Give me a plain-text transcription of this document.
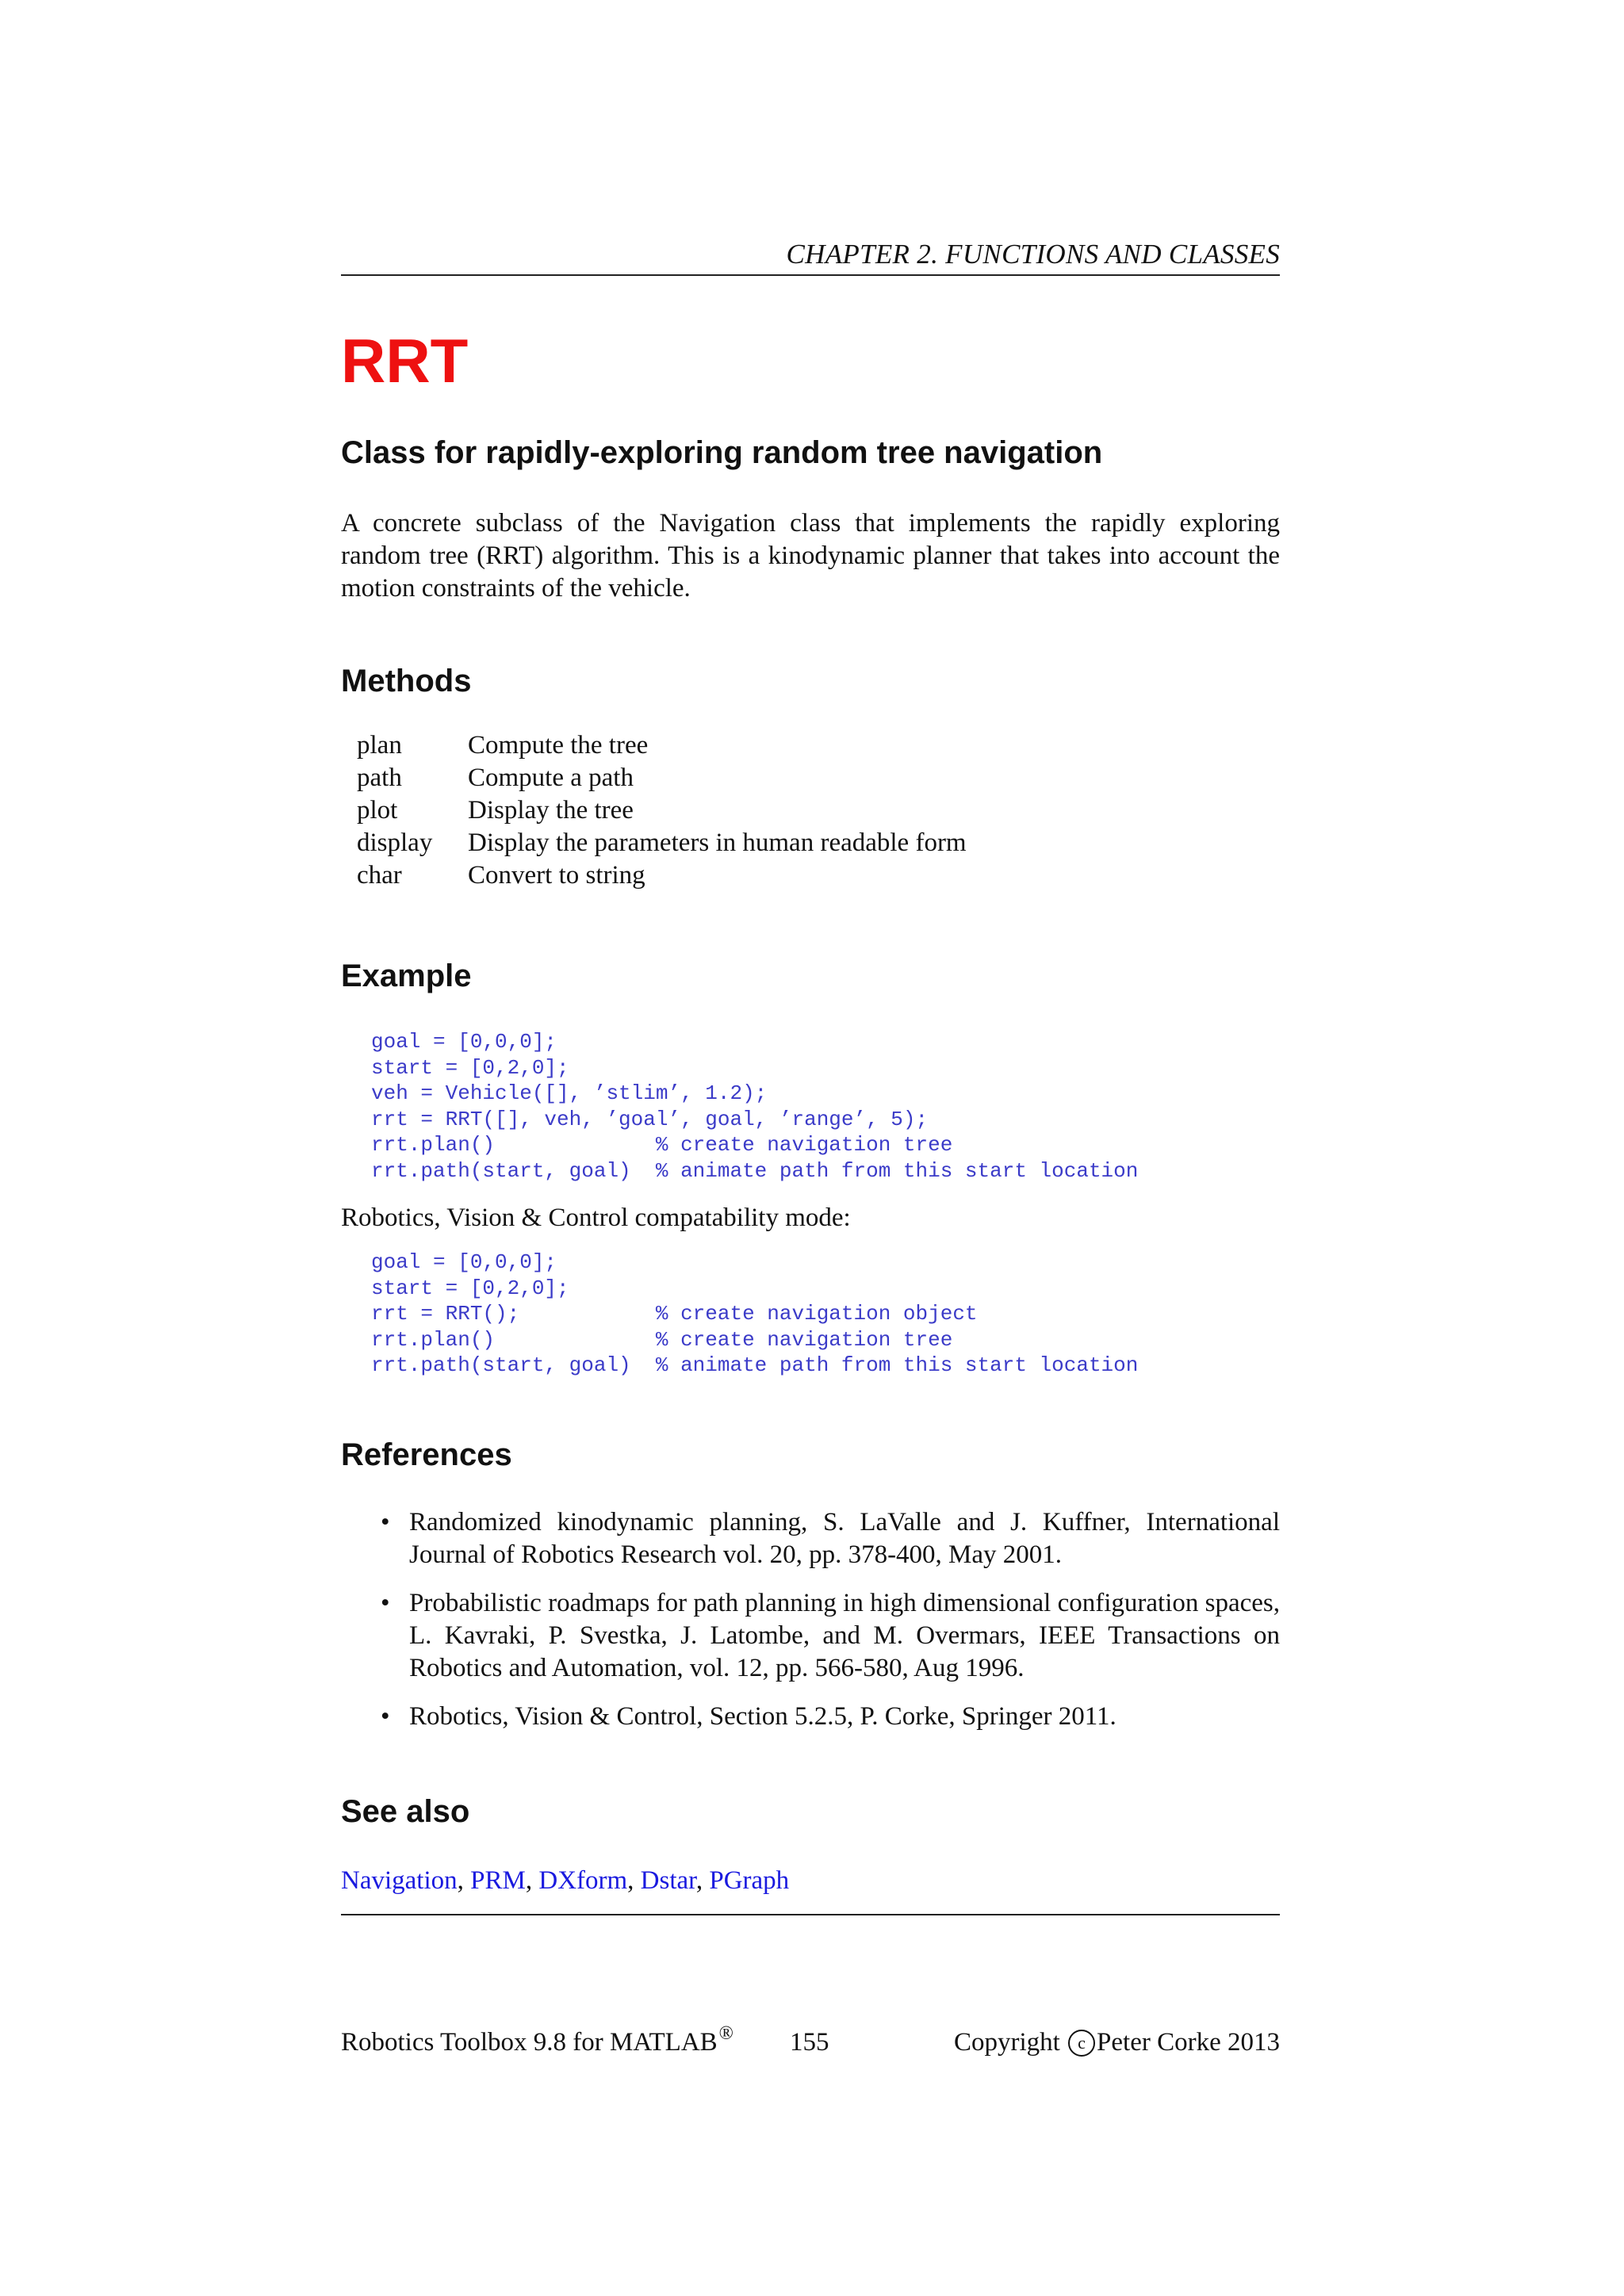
CHAPTER 2. FUNCTIONS AND CLASSES
RRT
Class for rapidly-exploring random tree navigation
A concrete subclass of the Navigation class that implements the rapidly exploring random tree (RRT) algorithm. This is a kinodynamic planner that takes into account the motion constraints of the vehicle.
Methods
plan	Compute the tree
path	Compute a path
plot	Display the tree
display	Display the parameters in human readable form
char	Convert to string
Example
goal = [0,0,0];
start = [0,2,0];
veh = Vehicle([], ’stlim’, 1.2);
rrt = RRT([], veh, ’goal’, goal, ’range’, 5);
rrt.plan()             % create navigation tree
rrt.path(start, goal)  % animate path from this start location
Robotics, Vision & Control compatability mode:
goal = [0,0,0];
start = [0,2,0];
rrt = RRT();           % create navigation object
rrt.plan()             % create navigation tree
rrt.path(start, goal)  % animate path from this start location
References
• Randomized kinodynamic planning, S. LaValle and J. Kuffner, International Journal of Robotics Research vol. 20, pp. 378-400, May 2001.
• Probabilistic roadmaps for path planning in high dimensional configuration spaces, L. Kavraki, P. Svestka, J. Latombe, and M. Overmars, IEEE Transactions on Robotics and Automation, vol. 12, pp. 566-580, Aug 1996.
• Robotics, Vision & Control, Section 5.2.5, P. Corke, Springer 2011.
See also
Navigation, PRM, DXform, Dstar, PGraph
Robotics Toolbox 9.8 for MATLAB® 155	Copyright c Peter Corke 2013
